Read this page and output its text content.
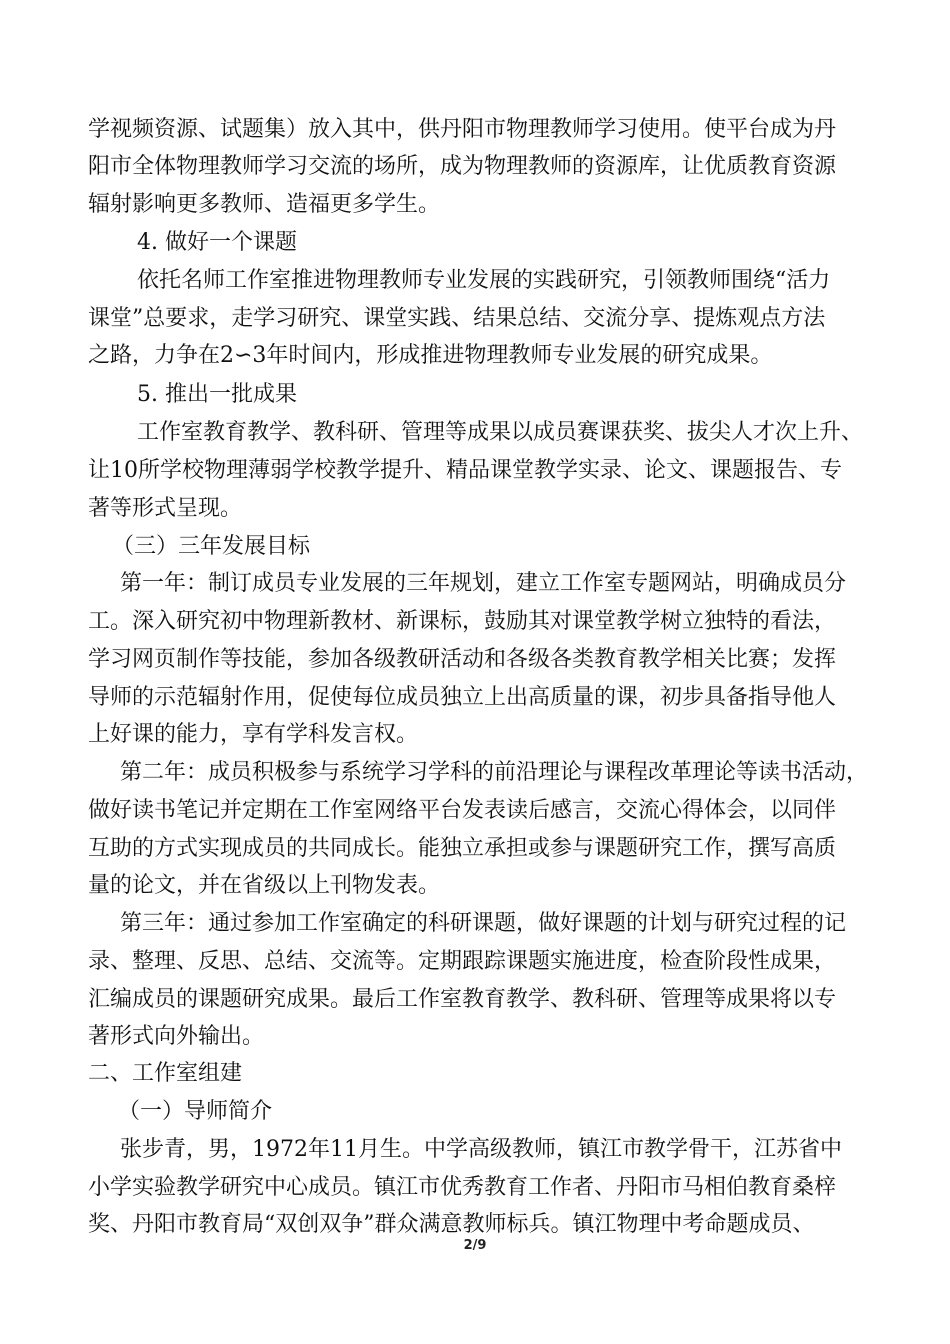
学视频资源、试题集）放入其中，供丹阳市物理教师学习使用。使平台成为丹
阳市全体物理教师学习交流的场所，成为物理教师的资源库，让优质教育资源
辐射影响更多教师、造福更多学生。
4. 做好一个课题
依托名师工作室推进物理教师专业发展的实践研究，引领教师围绕“活力
课堂”总要求，走学习研究、课堂实践、结果总结、交流分享、提炼观点方法
之路，力争在2∽3年时间内，形成推进物理教师专业发展的研究成果。
5. 推出一批成果
工作室教育教学、教科研、管理等成果以成员赛课获奖、拔尖人才次上升、
让10所学校物理薄弱学校教学提升、精品课堂教学实录、论文、课题报告、专
著等形式呈现。
（三）三年发展目标
第一年：制订成员专业发展的三年规划，建立工作室专题网站，明确成员分
工。深入研究初中物理新教材、新课标，鼓励其对课堂教学树立独特的看法，
学习网页制作等技能，参加各级教研活动和各级各类教育教学相关比赛；发挥
导师的示范辐射作用，促使每位成员独立上出高质量的课，初步具备指导他人
上好课的能力，享有学科发言权。
第二年：成员积极参与系统学习学科的前沿理论与课程改革理论等读书活动，
做好读书笔记并定期在工作室网络平台发表读后感言，交流心得体会，以同伴
互助的方式实现成员的共同成长。能独立承担或参与课题研究工作，撰写高质
量的论文，并在省级以上刊物发表。
第三年：通过参加工作室确定的科研课题，做好课题的计划与研究过程的记
录、整理、反思、总结、交流等。定期跟踪课题实施进度，检查阶段性成果，
汇编成员的课题研究成果。最后工作室教育教学、教科研、管理等成果将以专
著形式向外输出。
二、工作室组建
（一）导师简介
张步青，男，1972年11月生。中学高级教师，镇江市教学骨干，江苏省中
小学实验教学研究中心成员。镇江市优秀教育工作者、丹阳市马相伯教育桑梓
奖、丹阳市教育局“双创双争”群众满意教师标兵。镇江物理中考命题成员、
2/9
